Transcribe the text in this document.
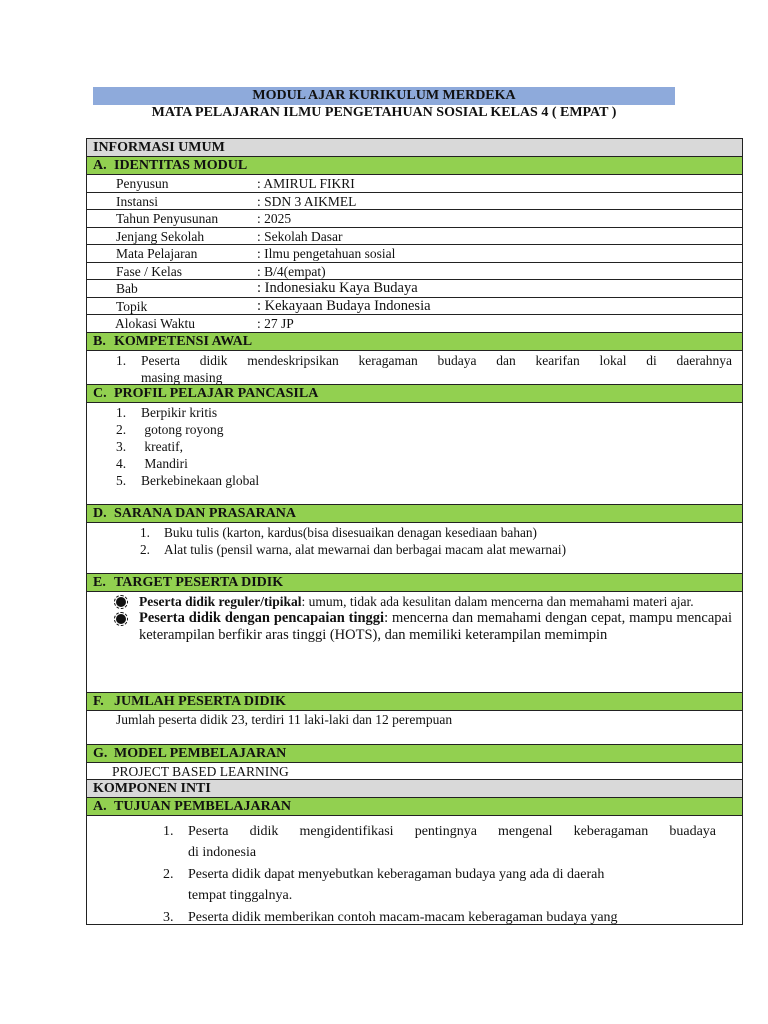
MODUL AJAR KURIKULUM MERDEKA
MATA PELAJARAN ILMU PENGETAHUAN SOSIAL KELAS 4 ( EMPAT )
INFORMASI UMUM
A. IDENTITAS MODUL
Penyusun	: AMIRUL FIKRI
Instansi	: SDN 3 AIKMEL
Tahun Penyusunan	: 2025
Jenjang Sekolah	: Sekolah Dasar
Mata Pelajaran	: Ilmu pengetahuan sosial
Fase / Kelas	: B/4(empat)
Bab	: Indonesiaku Kaya Budaya
Topik	: Kekayaan Budaya Indonesia
Alokasi Waktu	: 27 JP
B. KOMPETENSI AWAL
1. Peserta didik mendeskripsikan keragaman budaya dan kearifan lokal di daerahnya
masing masing
C. PROFIL PELAJAR PANCASILA
1. Berpikir kritis
2. gotong royong
3. kreatif,
4. Mandiri
5. Berkebinekaan global
D. SARANA DAN PRASARANA
1. Buku tulis (karton, kardus(bisa disesuaikan denagan kesediaan bahan)
2. Alat tulis (pensil warna, alat mewarnai dan berbagai macam alat mewarnai)
E. TARGET PESERTA DIDIK
Peserta didik reguler/tipikal: umum, tidak ada kesulitan dalam mencerna dan memahami materi ajar.
Peserta didik dengan pencapaian tinggi: mencerna dan memahami dengan cepat, mampu mencapai keterampilan berfikir aras tinggi (HOTS), dan memiliki keterampilan memimpin
F. JUMLAH PESERTA DIDIK
Jumlah peserta didik 23, terdiri 11 laki-laki dan 12 perempuan
G. MODEL PEMBELAJARAN
PROJECT BASED LEARNING
KOMPONEN INTI
A. TUJUAN PEMBELAJARAN
1. Peserta didik mengidentifikasi pentingnya mengenal keberagaman buadaya
di indonesia
2. Peserta didik dapat menyebutkan keberagaman budaya yang ada di daerah
tempat tinggalnya.
3. Peserta didik memberikan contoh macam-macam keberagaman budaya yang
